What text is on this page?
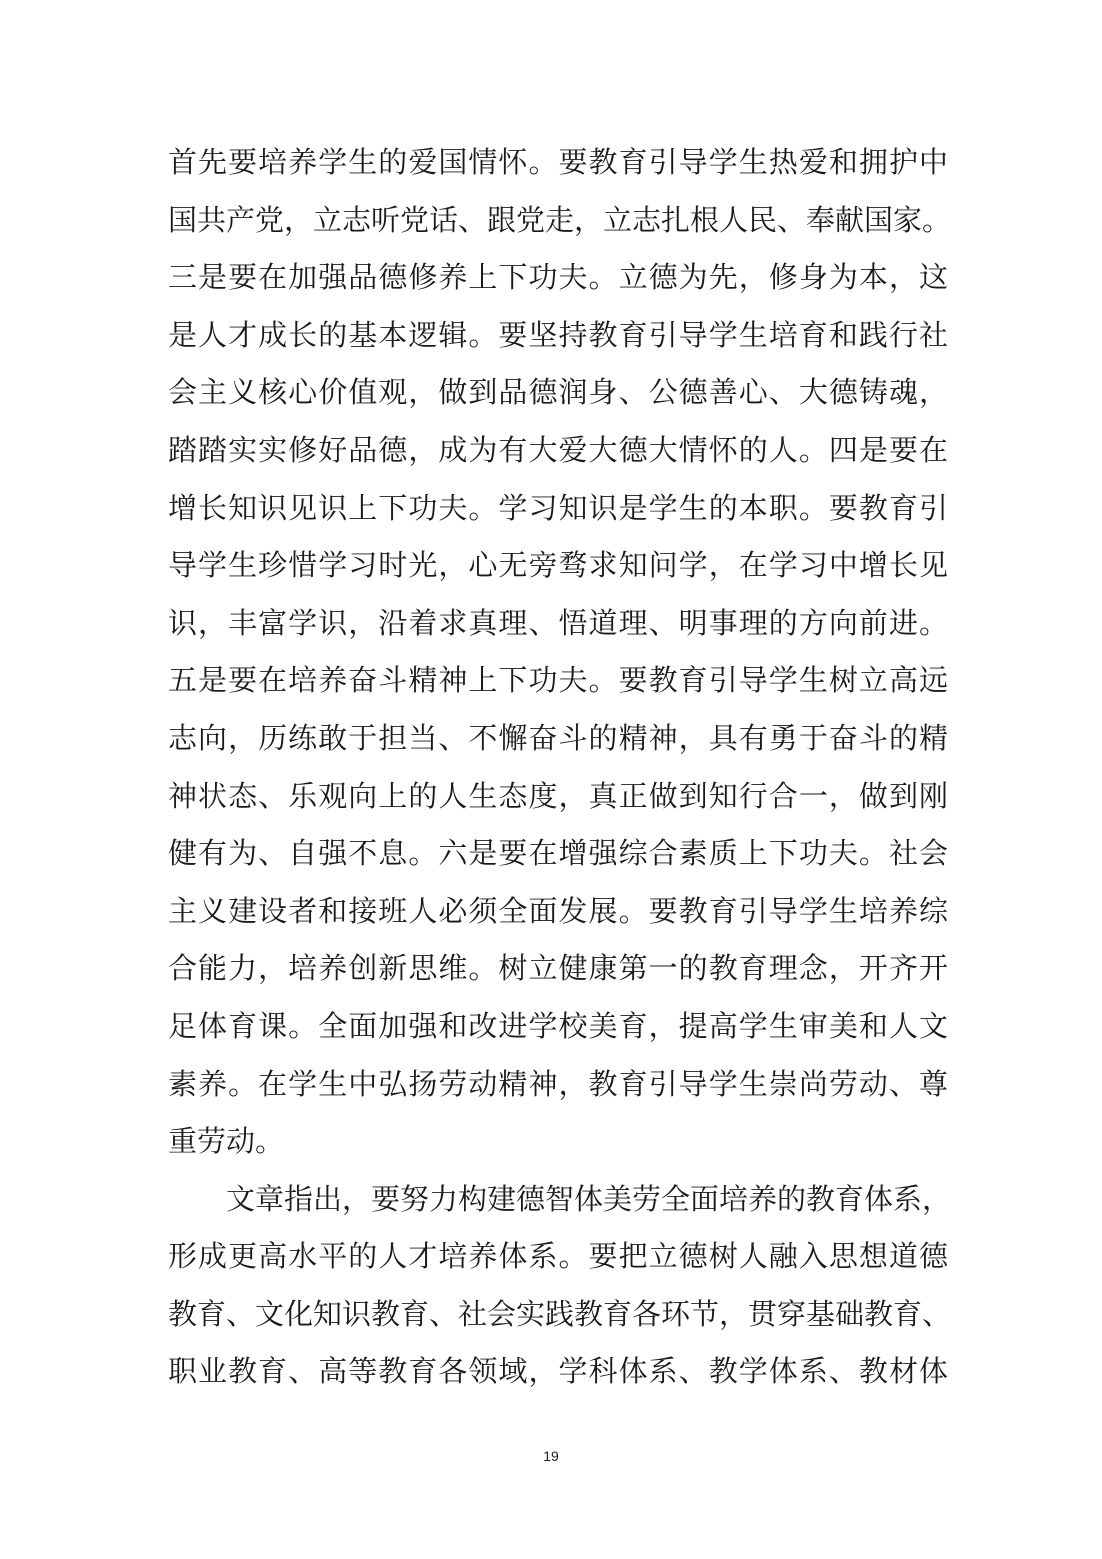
首先要培养学生的爱国情怀。要教育引导学生热爱和拥护中
国共产党，立志听党话、跟党走，立志扎根人民、奉献国家。
三是要在加强品德修养上下功夫。立德为先，修身为本，这
是人才成长的基本逻辑。要坚持教育引导学生培育和践行社
会主义核心价值观，做到品德润身、公德善心、大德铸魂，
踏踏实实修好品德，成为有大爱大德大情怀的人。四是要在
增长知识见识上下功夫。学习知识是学生的本职。要教育引
导学生珍惜学习时光，心无旁骛求知问学，在学习中增长见
识，丰富学识，沿着求真理、悟道理、明事理的方向前进。
五是要在培养奋斗精神上下功夫。要教育引导学生树立高远
志向，历练敢于担当、不懈奋斗的精神，具有勇于奋斗的精
神状态、乐观向上的人生态度，真正做到知行合一，做到刚
健有为、自强不息。六是要在增强综合素质上下功夫。社会
主义建设者和接班人必须全面发展。要教育引导学生培养综
合能力，培养创新思维。树立健康第一的教育理念，开齐开
足体育课。全面加强和改进学校美育，提高学生审美和人文
素养。在学生中弘扬劳动精神，教育引导学生崇尚劳动、尊
重劳动。
文章指出，要努力构建德智体美劳全面培养的教育体系，
形成更高水平的人才培养体系。要把立德树人融入思想道德
教育、文化知识教育、社会实践教育各环节，贯穿基础教育、
职业教育、高等教育各领域，学科体系、教学体系、教材体
19
